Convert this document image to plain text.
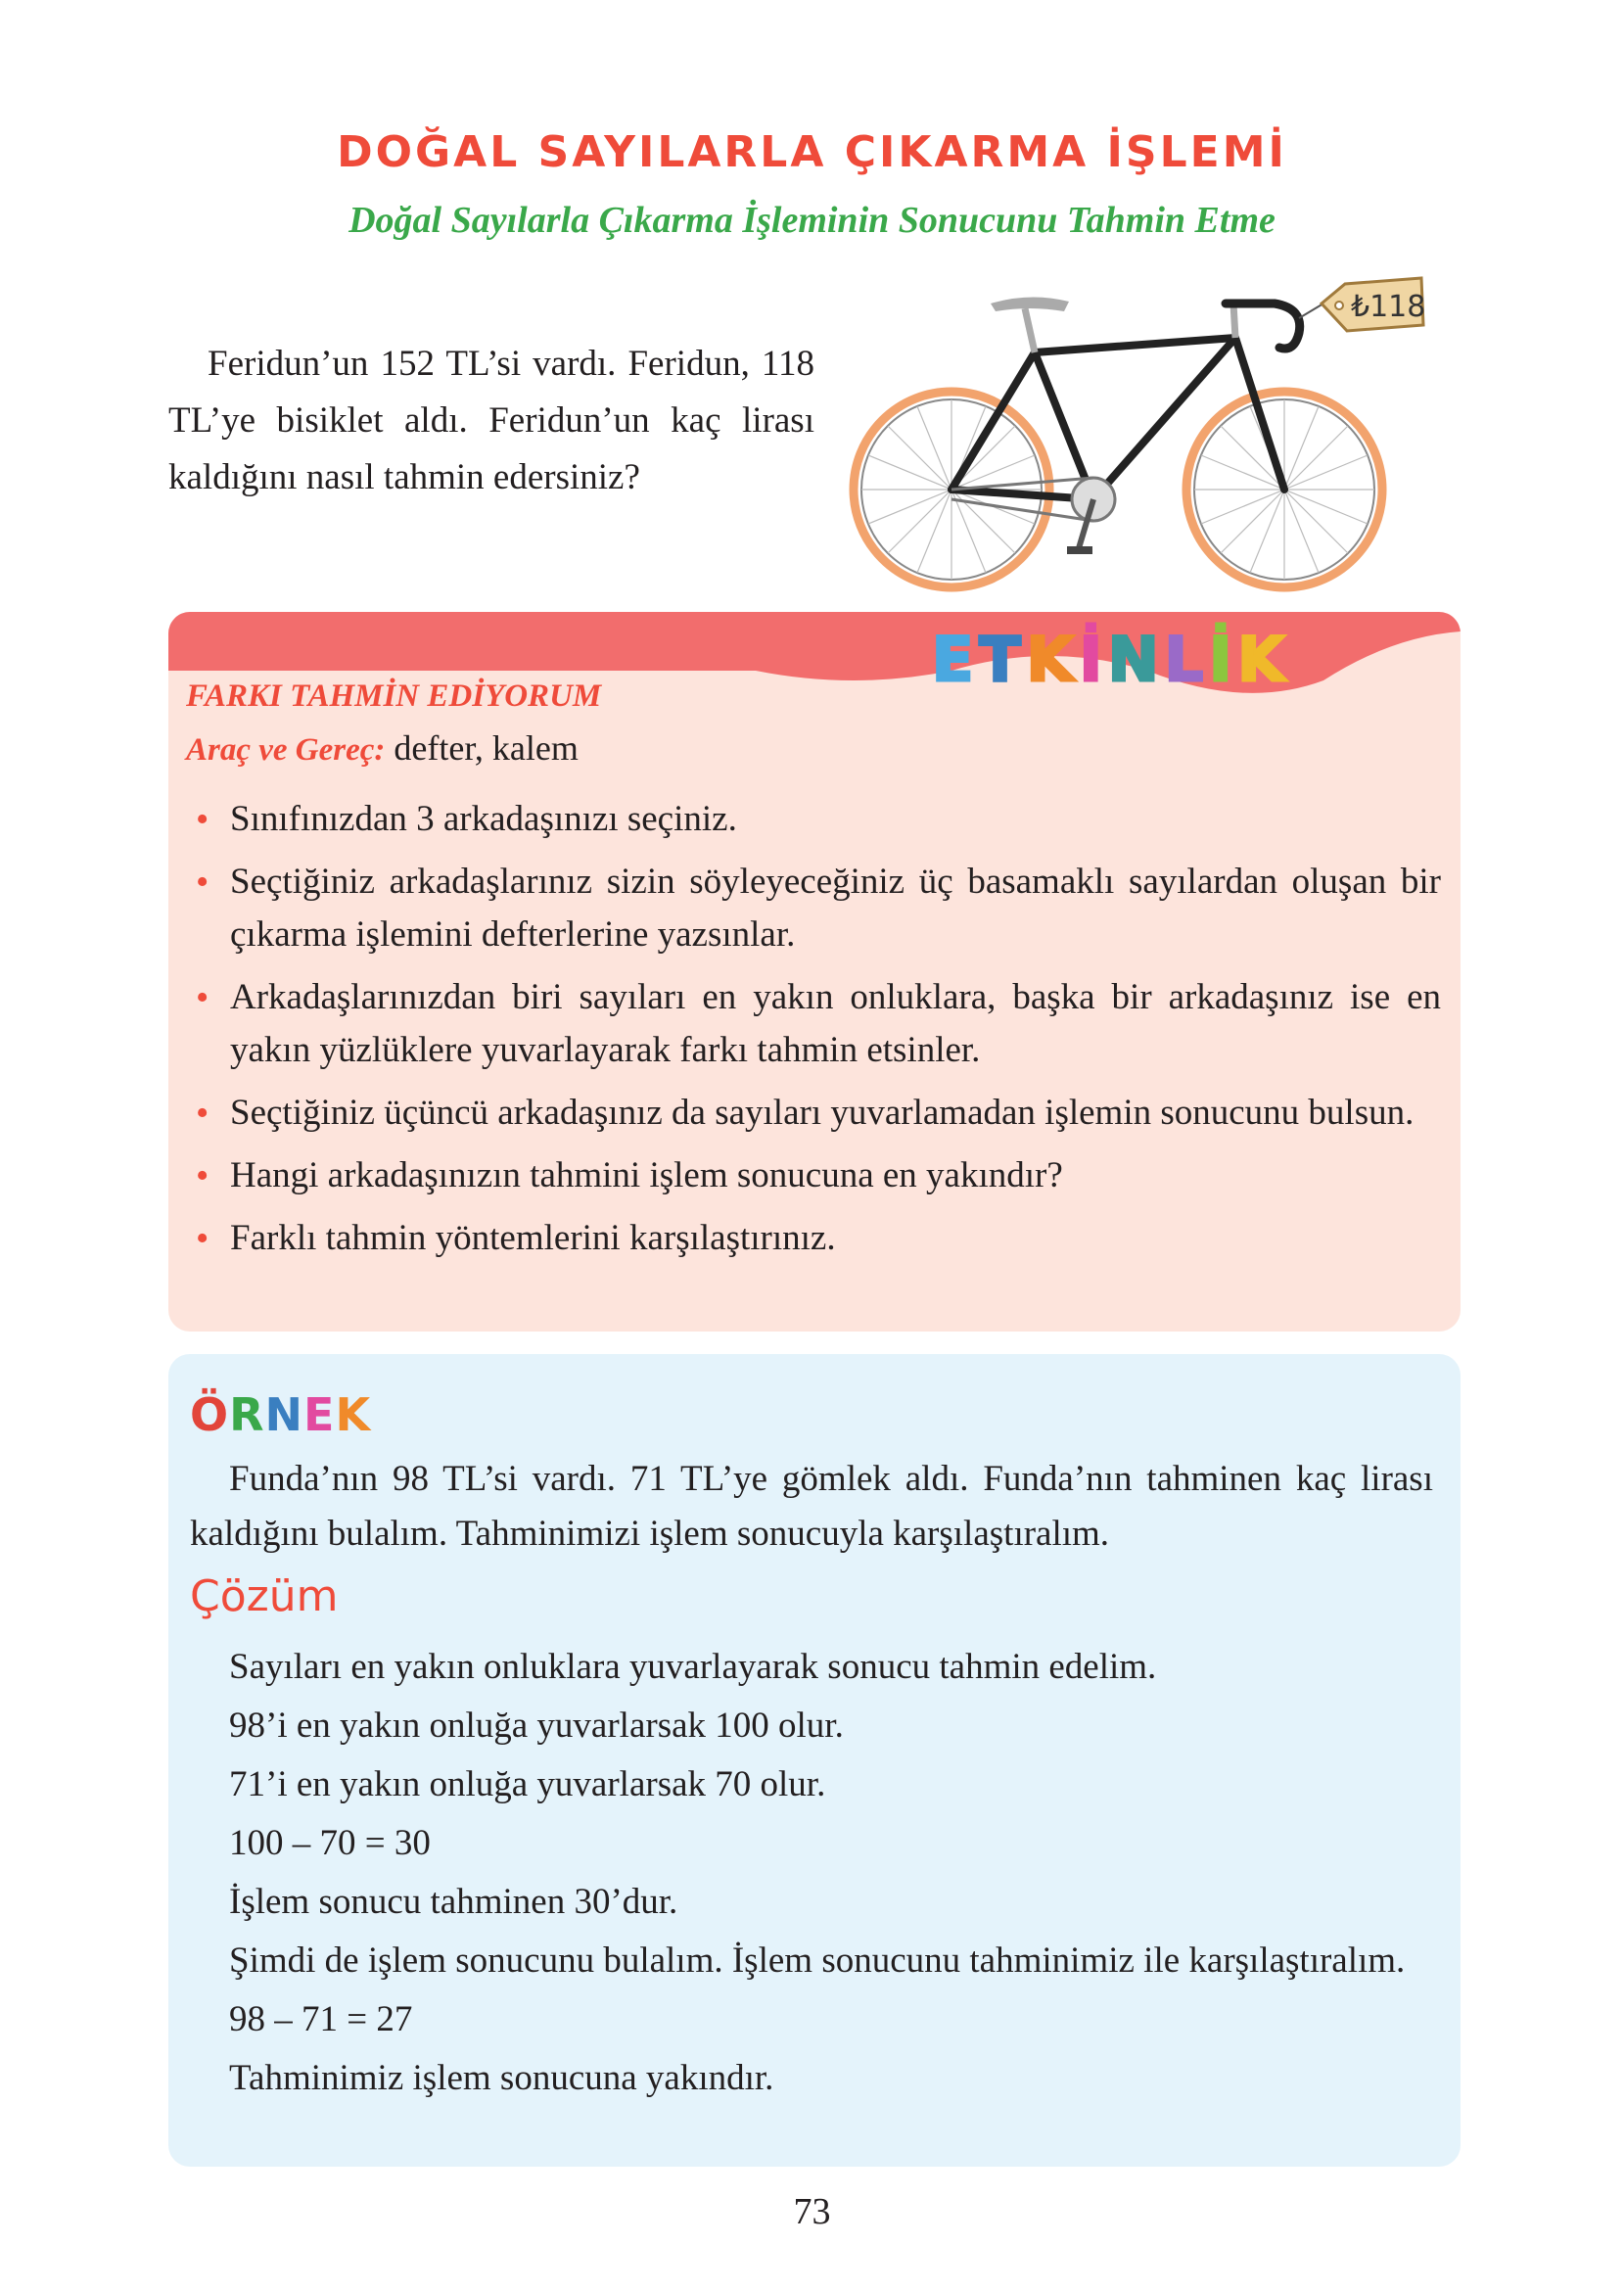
DOĞAL SAYILARLA ÇIKARMA İŞLEMİ
Doğal Sayılarla Çıkarma İşleminin Sonucunu Tahmin Etme

Feridun’un 152 TL’si vardı. Feridun, 118 TL’ye bisiklet aldı. Feridun’un kaç lirası kaldığını nasıl tahmin edersiniz?

₺118
E T K İ N L İ K
FARKI TAHMİN EDİYORUM
Araç ve Gereç: defter, kalem
• Sınıfınızdan 3 arkadaşınızı seçiniz.
• Seçtiğiniz arkadaşlarınız sizin söyleyeceğiniz üç basamaklı sayılardan oluşan bir çıkarma işlemini defterlerine yazsınlar.
• Arkadaşlarınızdan biri sayıları en yakın onluklara, başka bir arkadaşınız ise en yakın yüzlüklere yuvarlayarak farkı tahmin etsinler.
• Seçtiğiniz üçüncü arkadaşınız da sayıları yuvarlamadan işlemin sonucunu bulsun.
• Hangi arkadaşınızın tahmini işlem sonucuna en yakındır?
• Farklı tahmin yöntemlerini karşılaştırınız.
Ö R N E K

Funda’nın 98 TL’si vardı. 71 TL’ye gömlek aldı. Funda’nın tahminen kaç lirası kaldığını bulalım. Tahminimizi işlem sonucuyla karşılaştıralım.

Çözüm

Sayıları en yakın onluklara yuvarlayarak sonucu tahmin edelim.

98’i en yakın onluğa yuvarlarsak 100 olur.

71’i en yakın onluğa yuvarlarsak 70 olur.

100 – 70 = 30

İşlem sonucu tahminen 30’dur.

Şimdi de işlem sonucunu bulalım. İşlem sonucunu tahminimiz ile karşılaştıralım.

98 – 71 = 27

Tahminimiz işlem sonucuna yakındır.

73
